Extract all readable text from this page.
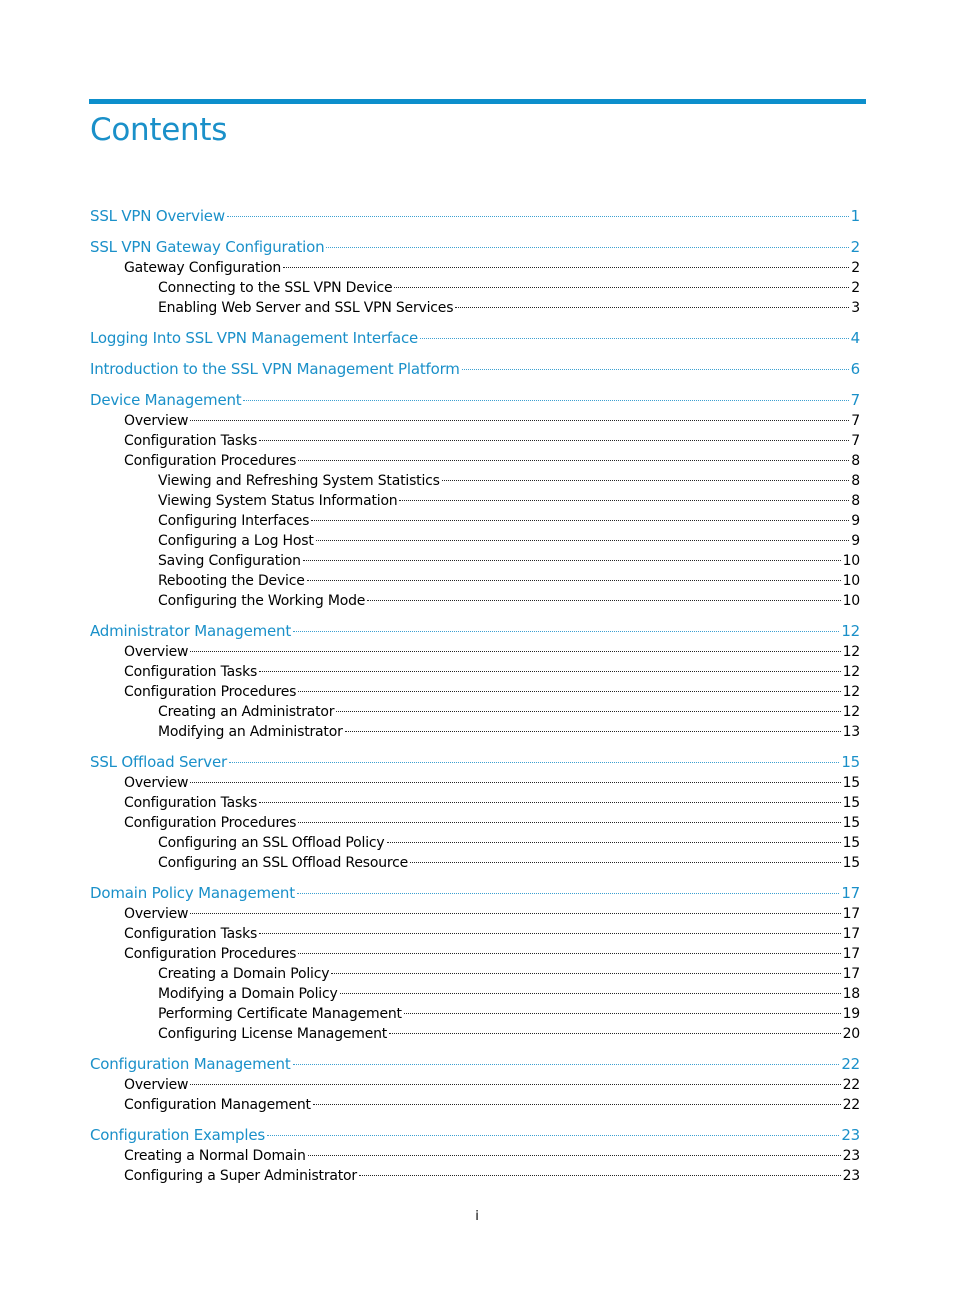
Contents
SSL VPN Overview	1
SSL VPN Gateway Configuration	2
Gateway Configuration	2
Connecting to the SSL VPN Device	2
Enabling Web Server and SSL VPN Services	3
Logging Into SSL VPN Management Interface	4
Introduction to the SSL VPN Management Platform	6
Device Management	7
Overview	7
Configuration Tasks	7
Configuration Procedures	8
Viewing and Refreshing System Statistics	8
Viewing System Status Information	8
Configuring Interfaces	9
Configuring a Log Host	9
Saving Configuration	10
Rebooting the Device	10
Configuring the Working Mode	10
Administrator Management	12
Overview	12
Configuration Tasks	12
Configuration Procedures	12
Creating an Administrator	12
Modifying an Administrator	13
SSL Offload Server	15
Overview	15
Configuration Tasks	15
Configuration Procedures	15
Configuring an SSL Offload Policy	15
Configuring an SSL Offload Resource	15
Domain Policy Management	17
Overview	17
Configuration Tasks	17
Configuration Procedures	17
Creating a Domain Policy	17
Modifying a Domain Policy	18
Performing Certificate Management	19
Configuring License Management	20
Configuration Management	22
Overview	22
Configuration Management	22
Configuration Examples	23
Creating a Normal Domain	23
Configuring a Super Administrator	23
i
